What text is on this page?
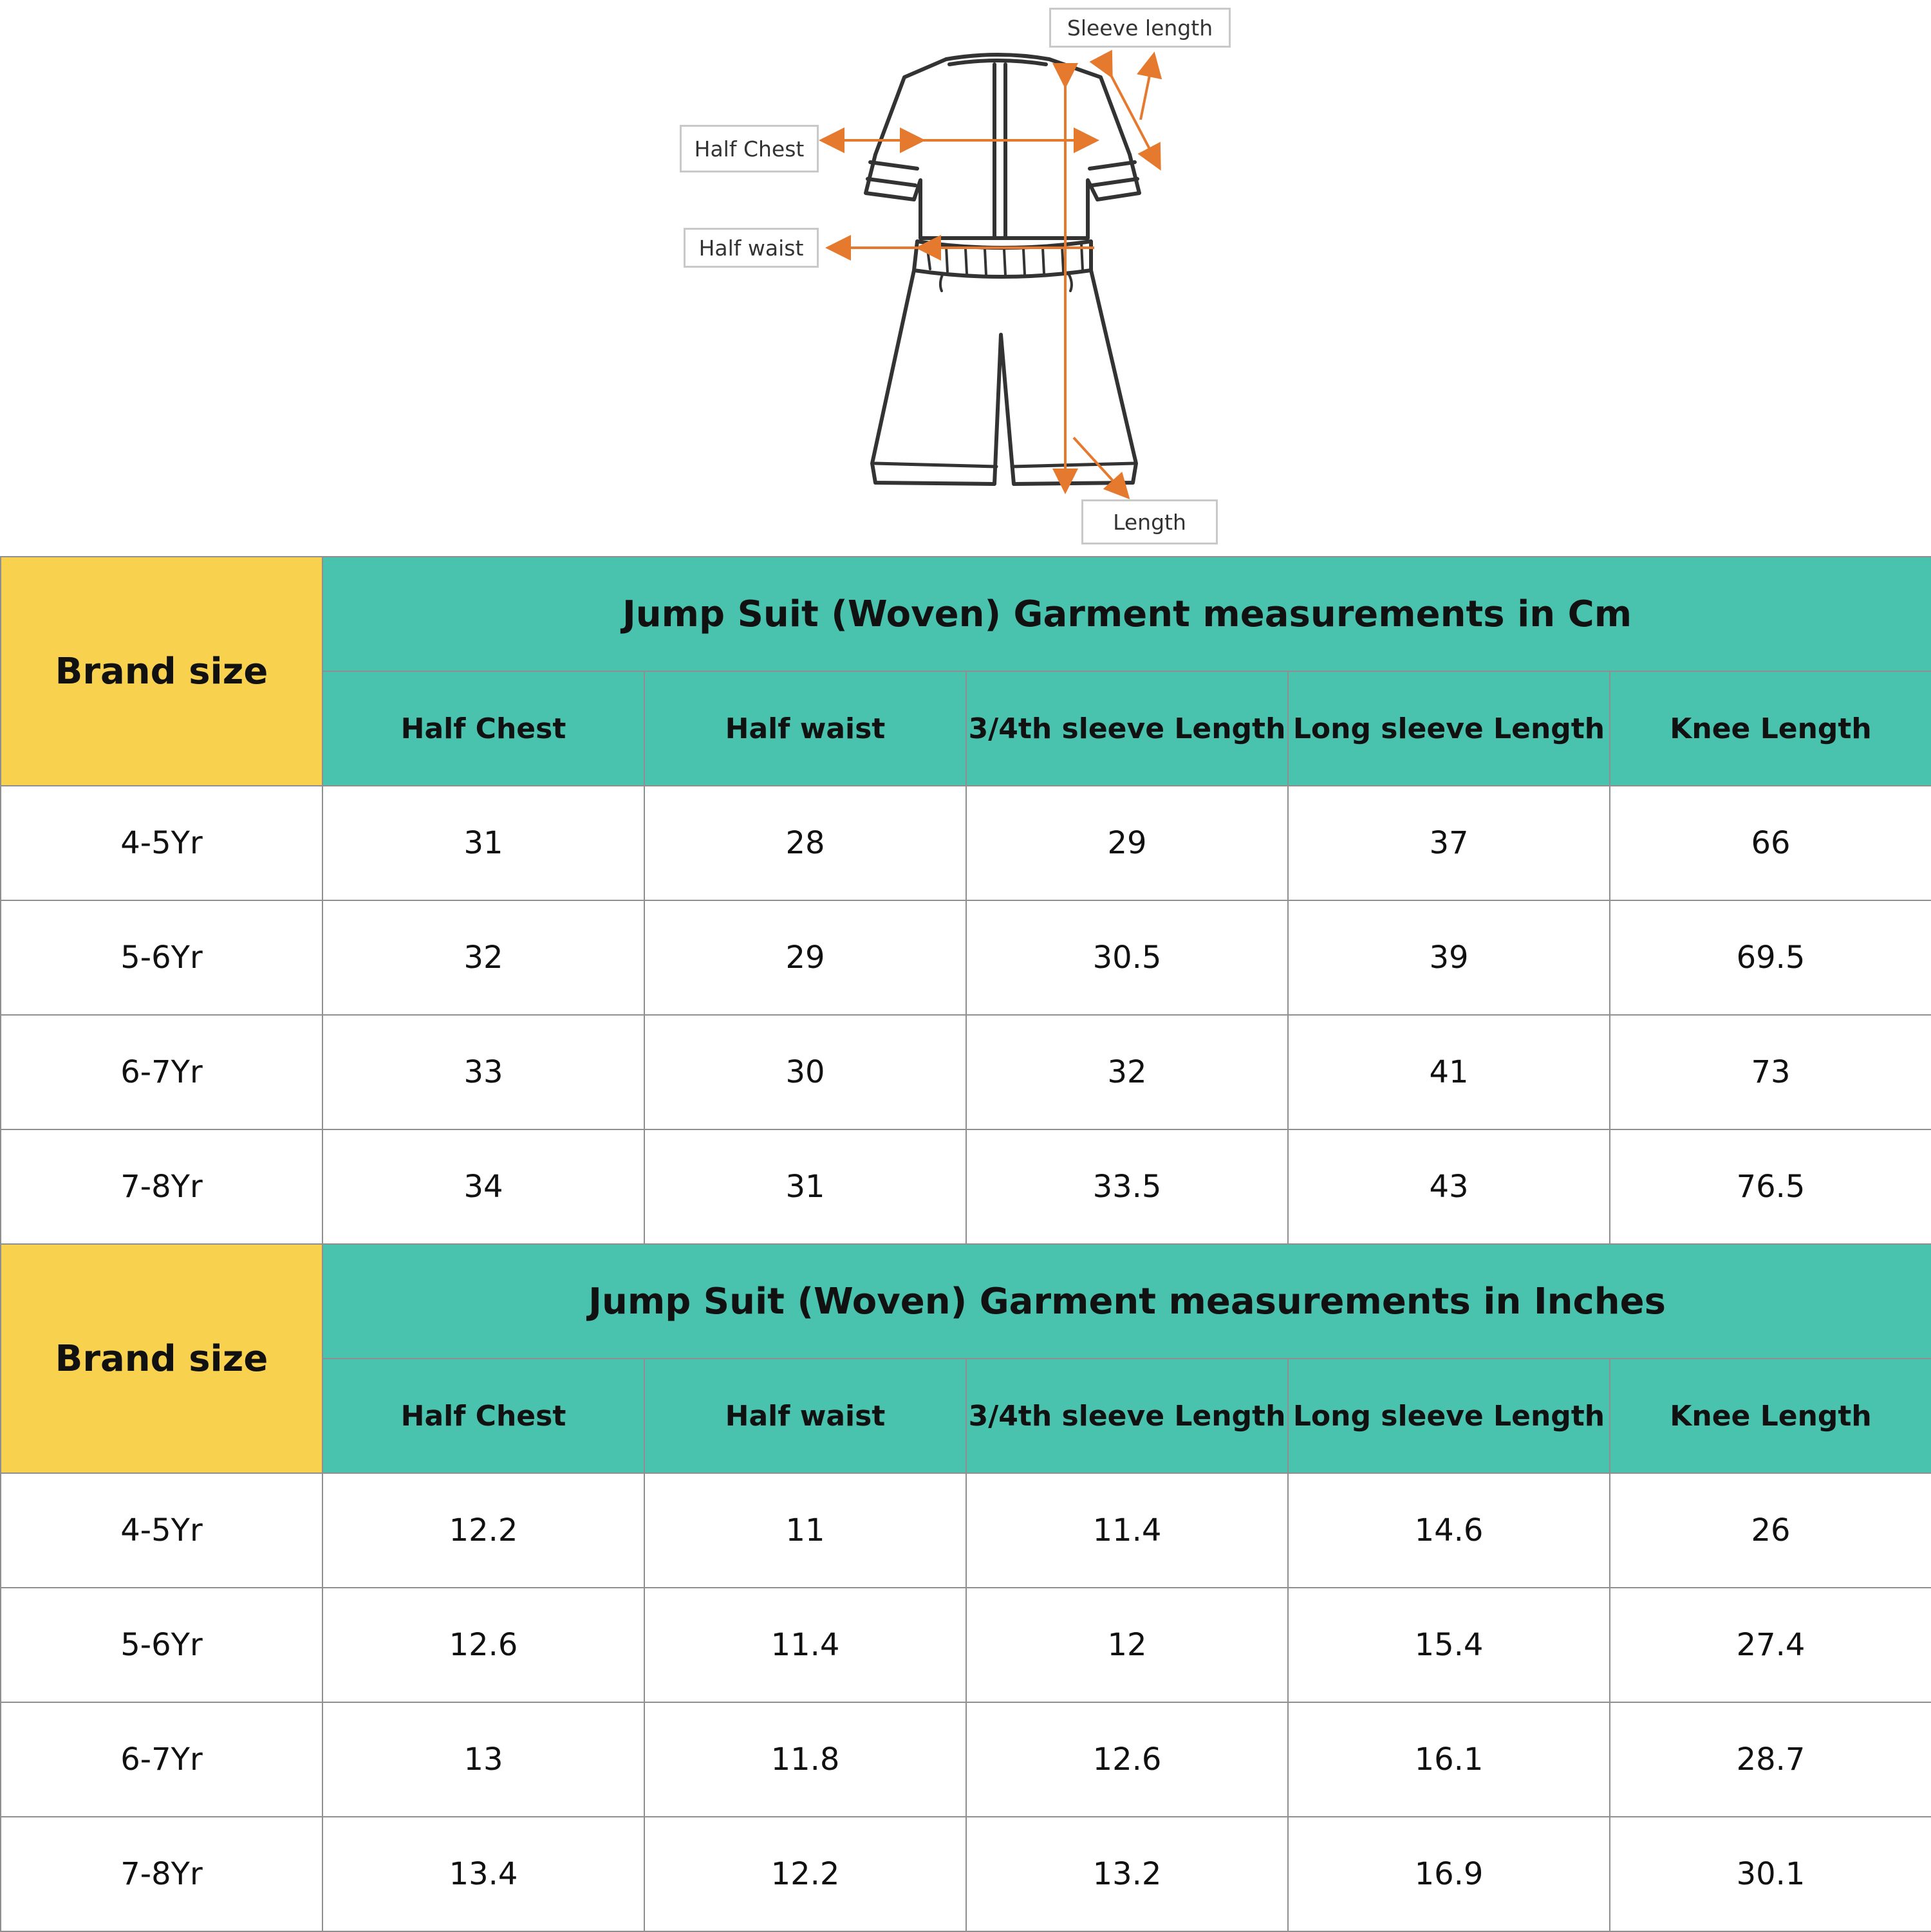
Sleeve length
Half Chest
Half waist
Length
Brand size	Jump Suit (Woven) Garment measurements in Cm				
	Half Chest	Half waist	3/4th sleeve Length	Long sleeve Length	Knee Length
4-5Yr	31	28	29	37	66
5-6Yr	32	29	30.5	39	69.5
6-7Yr	33	30	32	41	73
7-8Yr	34	31	33.5	43	76.5
Brand size	Jump Suit (Woven) Garment measurements in Inches				
	Half Chest	Half waist	3/4th sleeve Length	Long sleeve Length	Knee Length
4-5Yr	12.2	11	11.4	14.6	26
5-6Yr	12.6	11.4	12	15.4	27.4
6-7Yr	13	11.8	12.6	16.1	28.7
7-8Yr	13.4	12.2	13.2	16.9	30.1
